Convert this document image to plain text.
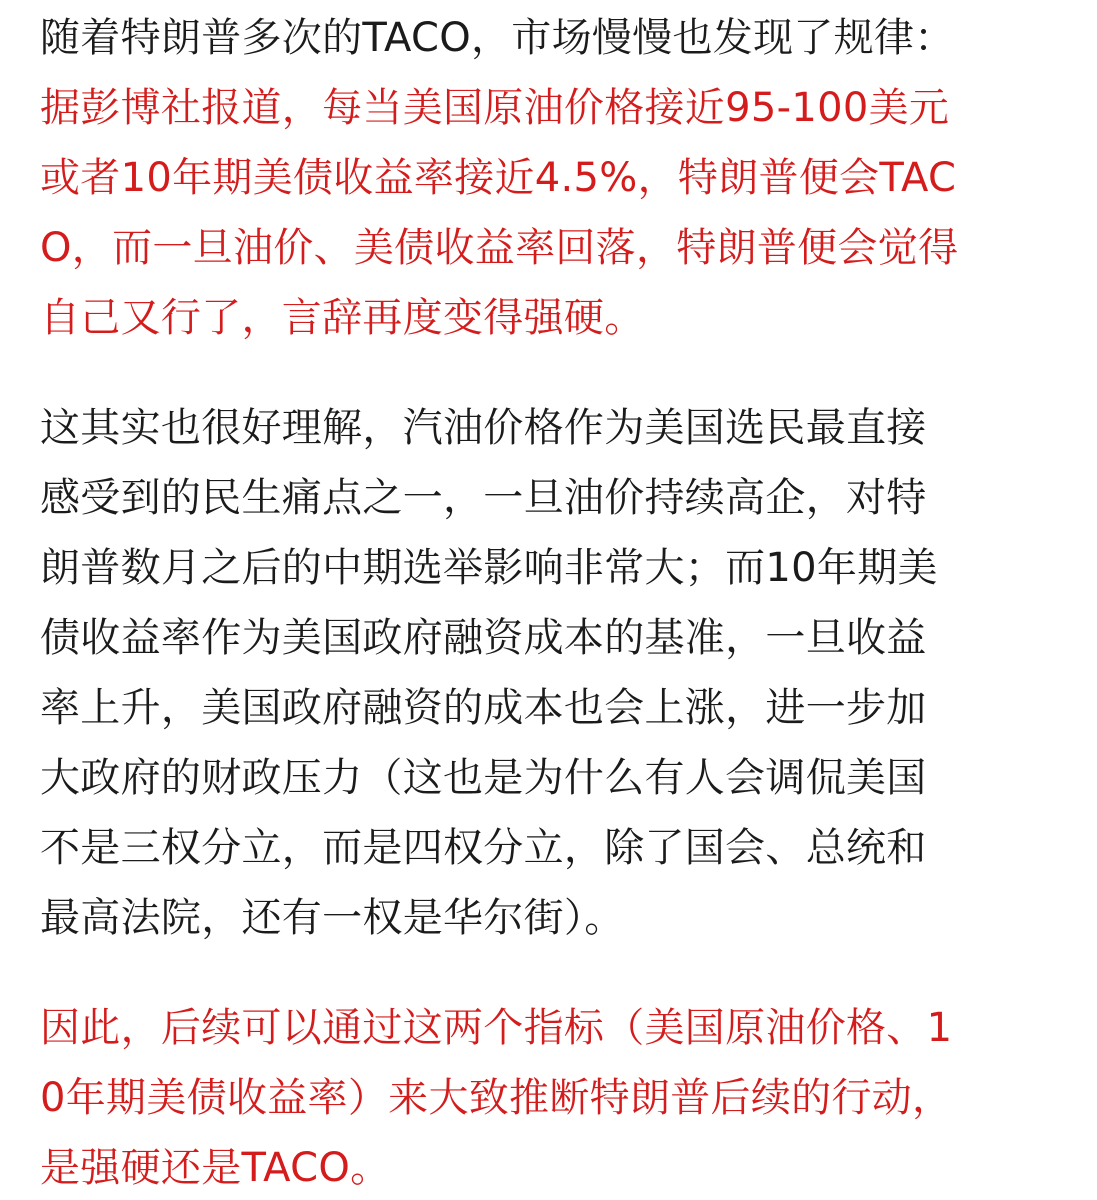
随着特朗普多次的TACO，市场慢慢也发现了规律：
据彭博社报道，每当美国原油价格接近95-100美元
或者10年期美债收益率接近4.5%，特朗普便会TAC
O，而一旦油价、美债收益率回落，特朗普便会觉得
自己又行了，言辞再度变得强硬。
这其实也很好理解，汽油价格作为美国选民最直接
感受到的民生痛点之一，一旦油价持续高企，对特
朗普数月之后的中期选举影响非常大；而10年期美
债收益率作为美国政府融资成本的基准，一旦收益
率上升，美国政府融资的成本也会上涨，进一步加
大政府的财政压力（这也是为什么有人会调侃美国
不是三权分立，而是四权分立，除了国会、总统和
最高法院，还有一权是华尔街）。
因此，后续可以通过这两个指标（美国原油价格、1
0年期美债收益率）来大致推断特朗普后续的行动，
是强硬还是TACO。
